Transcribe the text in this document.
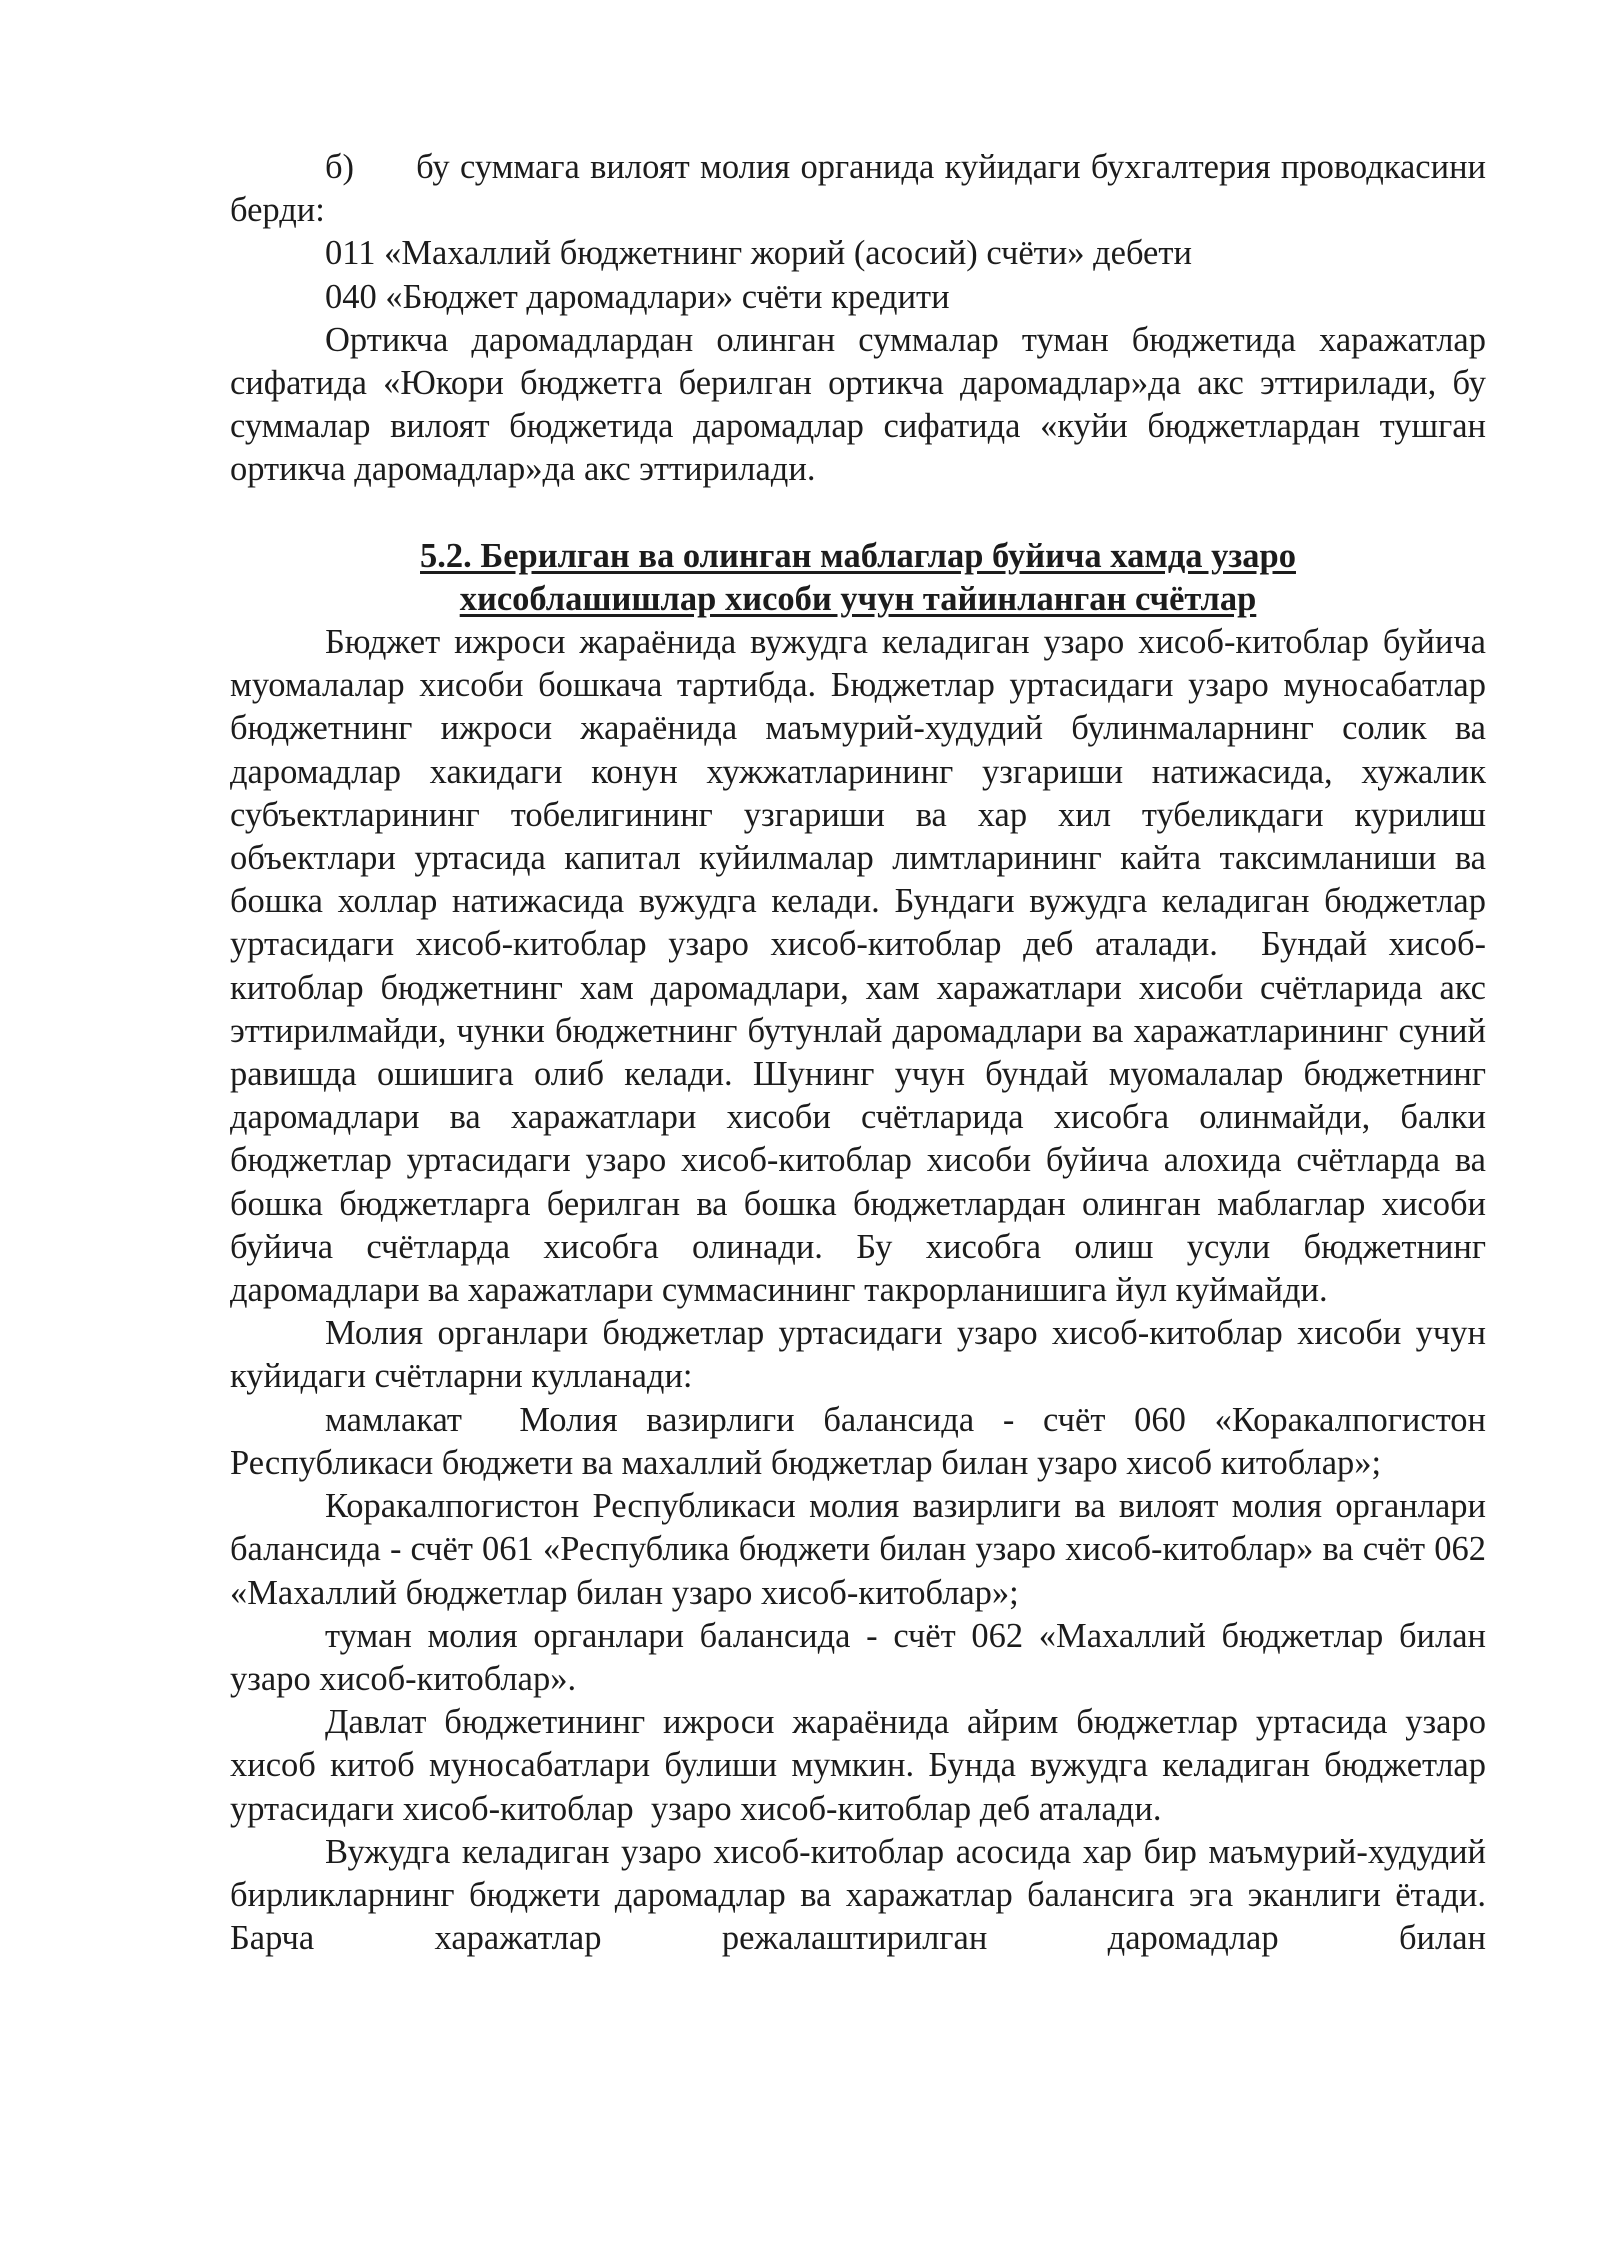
б)      бу суммага вилоят молия органида куйидаги бухгалтерия проводкасини берди:

011 «Махаллий бюджетнинг жорий (асосий) счёти» дебети

040 «Бюджет даромадлари» счёти кредити

Ортикча даромадлардан олинган суммалар туман бюджетида харажатлар сифатида «Юкори бюджетга берилган ортикча даромадлар»да акс эттирилади, бу суммалар вилоят бюджетида даромадлар сифатида «куйи бюджетлардан тушган ортикча даромадлар»да акс эттирилади.

5.2. Берилган ва олинган маблаглар буйича хамда узаро хисоблашишлар хисоби учун тайинланган счётлар

Бюджет ижроси жараёнида вужудга келадиган узаро хисоб-китоблар буйича муомалалар хисоби бошкача тартибда. Бюджетлар уртасидаги узаро муносабатлар бюджетнинг ижроси жараёнида маъмурий-худудий булинмаларнинг солик ва даромадлар хакидаги конун хужжатларининг узгариши натижасида, хужалик субъектларининг тобелигининг узгариши ва хар хил тубеликдаги курилиш объектлари уртасида капитал куйилмалар лимтларининг кайта таксимланиши ва бошка холлар натижасида вужудга келади. Бундаги вужудга келадиган бюджетлар уртасидаги хисоб-китоблар узаро хисоб-китоблар деб аталади.  Бундай хисоб-китоблар бюджетнинг хам даромадлари, хам харажатлари хисоби счётларида акс эттирилмайди, чунки бюджетнинг бутунлай даромадлари ва харажатларининг суний равишда ошишига олиб келади. Шунинг учун бундай муомалалар бюджетнинг даромадлари ва харажатлари хисоби счётларида хисобга олинмайди, балки бюджетлар уртасидаги узаро хисоб-китоблар хисоби буйича алохида счётларда ва бошка бюджетларга берилган ва бошка бюджетлардан олинган маблаглар хисоби буйича счётларда хисобга олинади. Бу хисобга олиш усули бюджетнинг даромадлари ва харажатлари суммасининг такрорланишига йул куймайди.

Молия органлари бюджетлар уртасидаги узаро хисоб-китоблар хисоби учун куйидаги счётларни кулланади:

мамлакат  Молия вазирлиги балансида - счёт 060 «Коракалпогистон Республикаси бюджети ва махаллий бюджетлар билан узаро хисоб китоблар»;

Коракалпогистон Республикаси молия вазирлиги ва вилоят молия органлари балансида - счёт 061 «Республика бюджети билан узаро хисоб-китоблар» ва счёт 062 «Махаллий бюджетлар билан узаро хисоб-китоблар»;

туман молия органлари балансида - счёт 062 «Махаллий бюджетлар билан узаро хисоб-китоблар».

Давлат бюджетининг ижроси жараёнида айрим бюджетлар уртасида узаро хисоб китоб муносабатлари булиши мумкин. Бунда вужудга келадиган бюджетлар уртасидаги хисоб-китоблар  узаро хисоб-китоблар деб аталади.

Вужудга келадиган узаро хисоб-китоблар асосида хар бир маъмурий-худудий бирликларнинг бюджети даромадлар ва харажатлар балансига эга эканлиги ётади. Барча харажатлар режалаштирилган даромадлар билан
